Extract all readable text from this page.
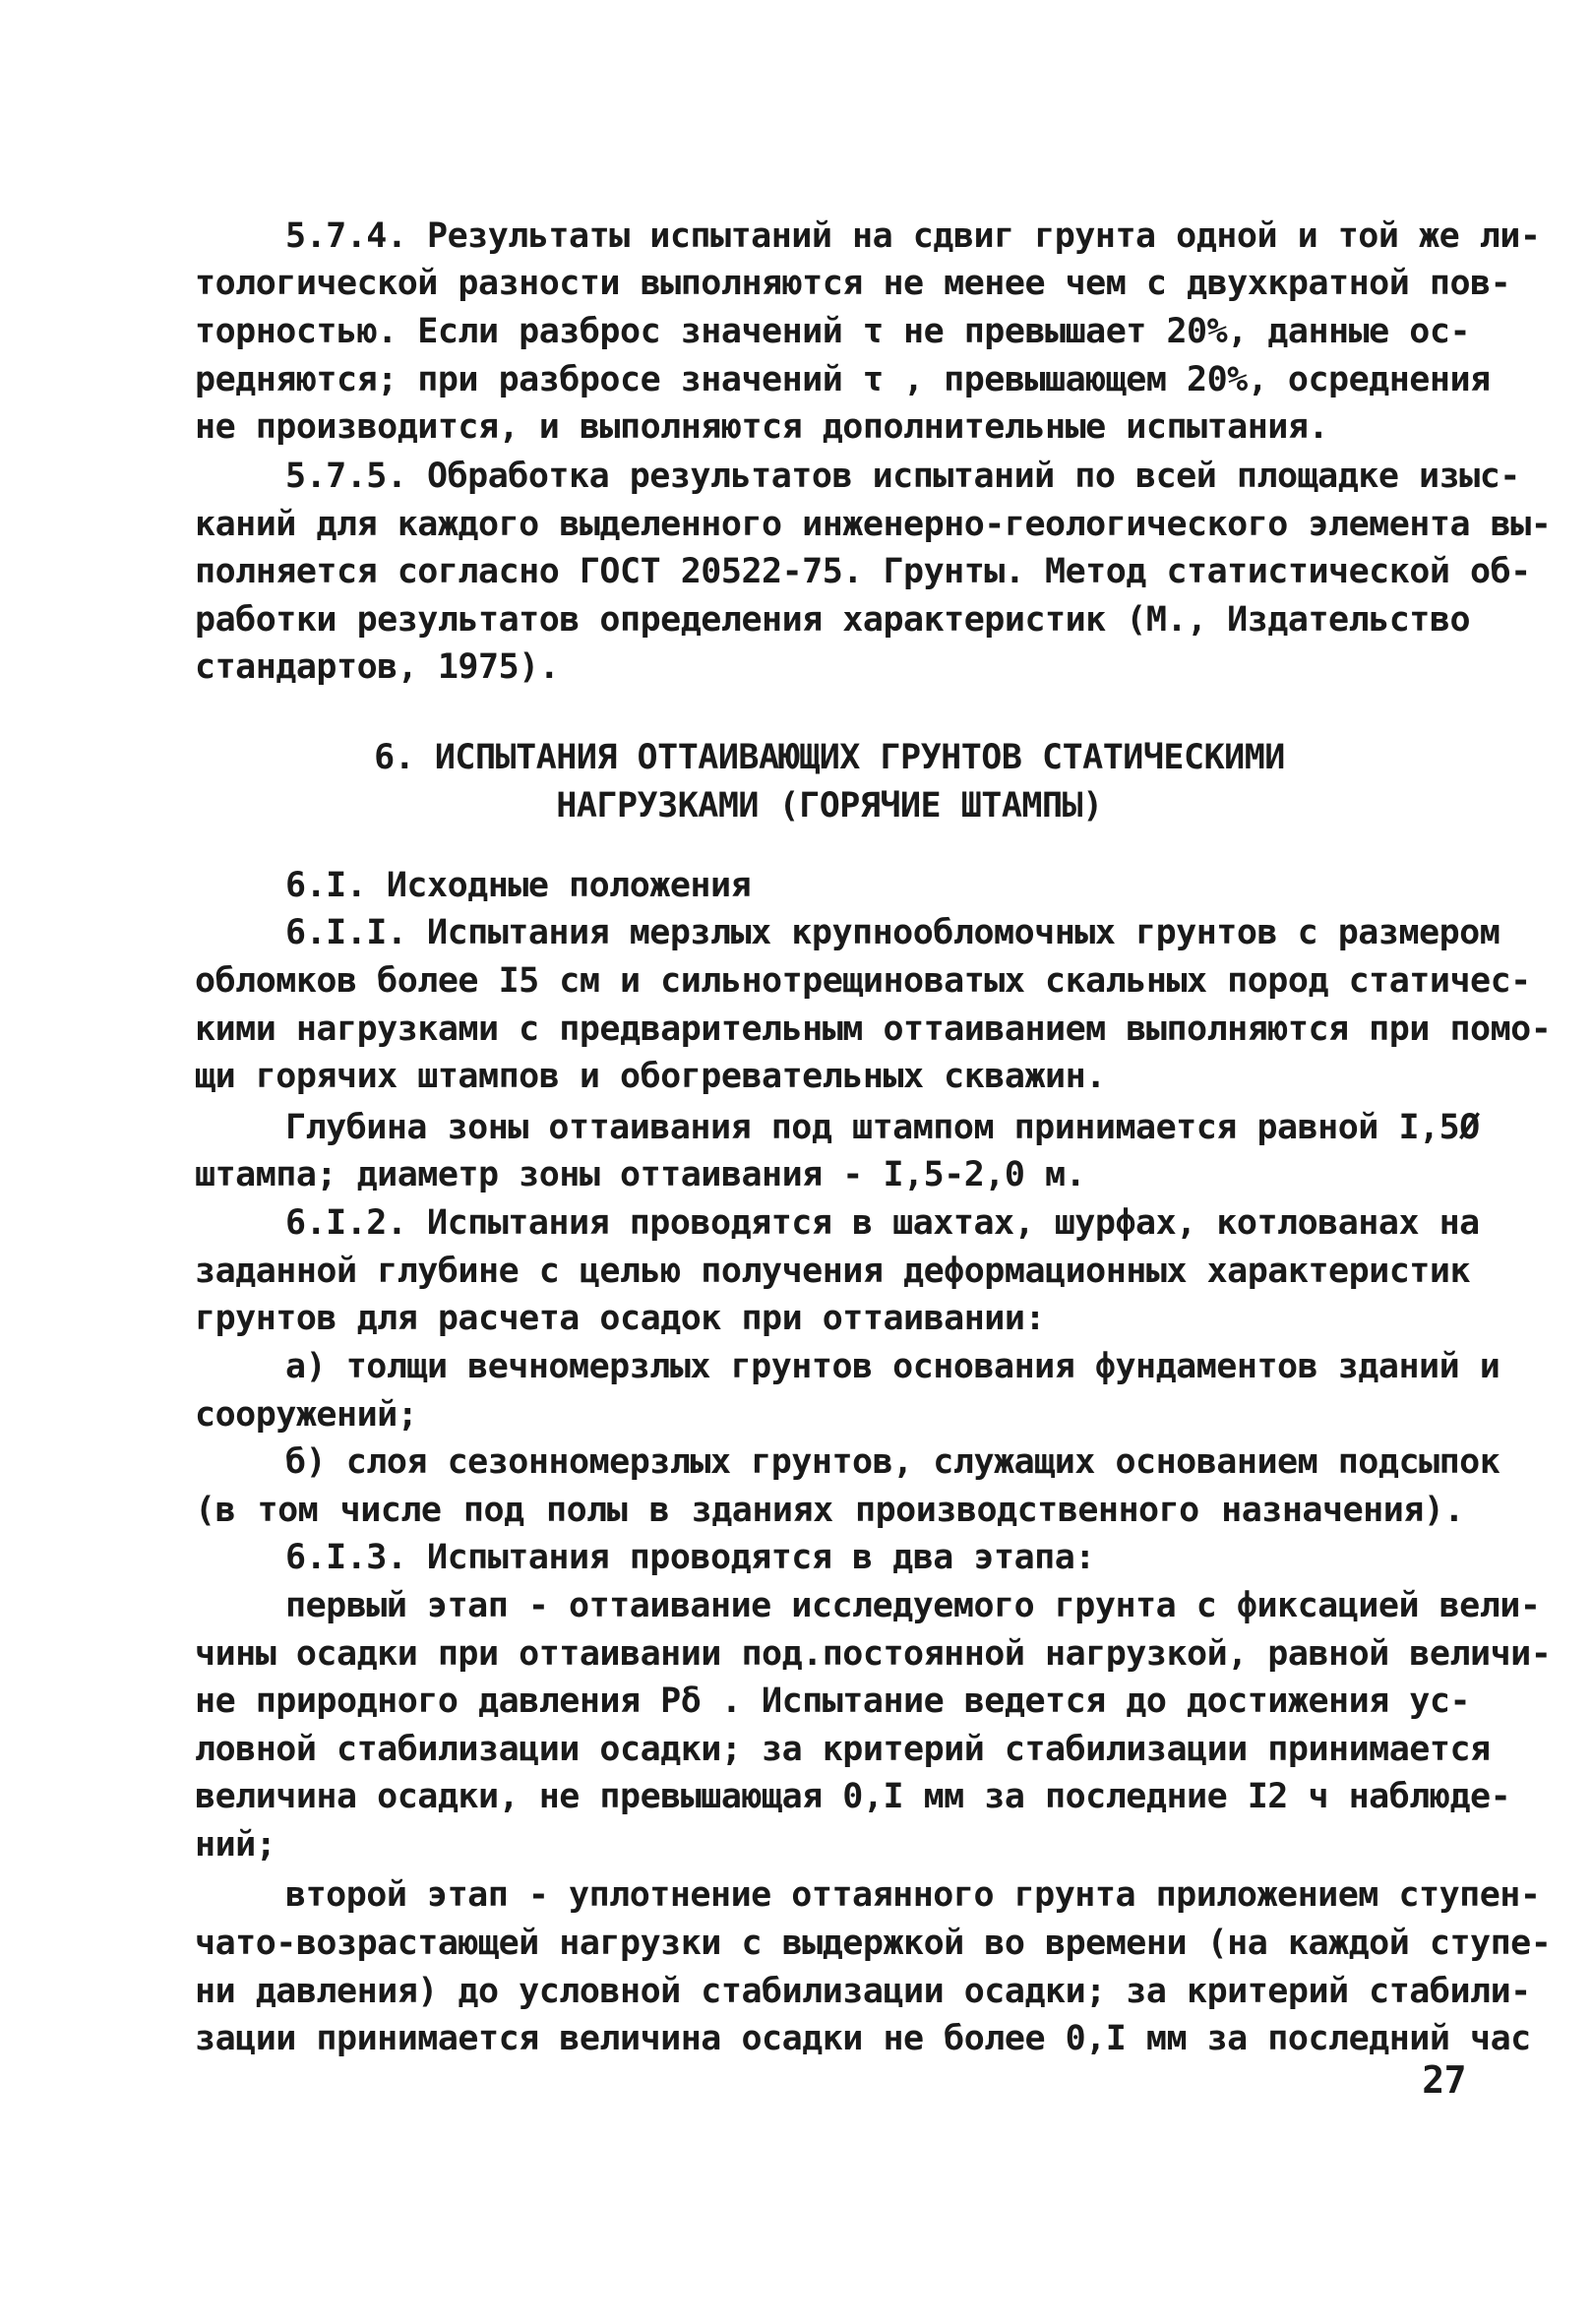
5.7.4. Результаты испытаний на сдвиг грунта одной и той же ли-
тологической разности выполняются не менее чем с двухкратной пов-
торностью. Если разброс значений τ не превышает 20%, данные ос-
редняются; при разбросе значений τ , превышающем 20%, осреднения
не производится, и выполняются дополнительные испытания.
5.7.5. Обработка результатов испытаний по всей площадке изыс-
каний для каждого выделенного инженерно-геологического элемента вы-
полняется согласно ГОСТ 20522-75. Грунты. Метод статистической об-
работки результатов определения характеристик (М., Издательство
стандартов, 1975).
6. ИСПЫТАНИЯ ОТТАИВАЮЩИХ ГРУНТОВ СТАТИЧЕСКИМИ
НАГРУЗКАМИ (ГОРЯЧИЕ ШТАМПЫ)
6.I. Исходные положения
6.I.I. Испытания мерзлых крупнообломочных грунтов с размером
обломков более I5 см и сильнотрещиноватых скальных пород статичес-
кими нагрузками с предварительным оттаиванием выполняются при помо-
щи горячих штампов и обогревательных скважин.
Глубина зоны оттаивания под штампом принимается равной I,5Ø
штампа; диаметр зоны оттаивания - I,5-2,0 м.
6.I.2. Испытания проводятся в шахтах, шурфах, котлованах на
заданной глубине с целью получения деформационных характеристик
грунтов для расчета осадок при оттаивании:
а) толщи вечномерзлых грунтов основания фундаментов зданий и
сооружений;
б) слоя сезонномерзлых грунтов, служащих основанием подсыпок
(в том числе под полы в зданиях производственного назначения).
6.I.3. Испытания проводятся в два этапа:
первый этап - оттаивание исследуемого грунта с фиксацией вели-
чины осадки при оттаивании под.постоянной нагрузкой, равной величи-
не природного давления Pδ . Испытание ведется до достижения ус-
ловной стабилизации осадки; за критерий стабилизации принимается
величина осадки, не превышающая 0,I мм за последние I2 ч наблюде-
ний;
второй этап - уплотнение оттаянного грунта приложением ступен-
чато-возрастающей нагрузки с выдержкой во времени (на каждой ступе-
ни давления) до условной стабилизации осадки; за критерий стабили-
зации принимается величина осадки не более 0,I мм за последний час
27
